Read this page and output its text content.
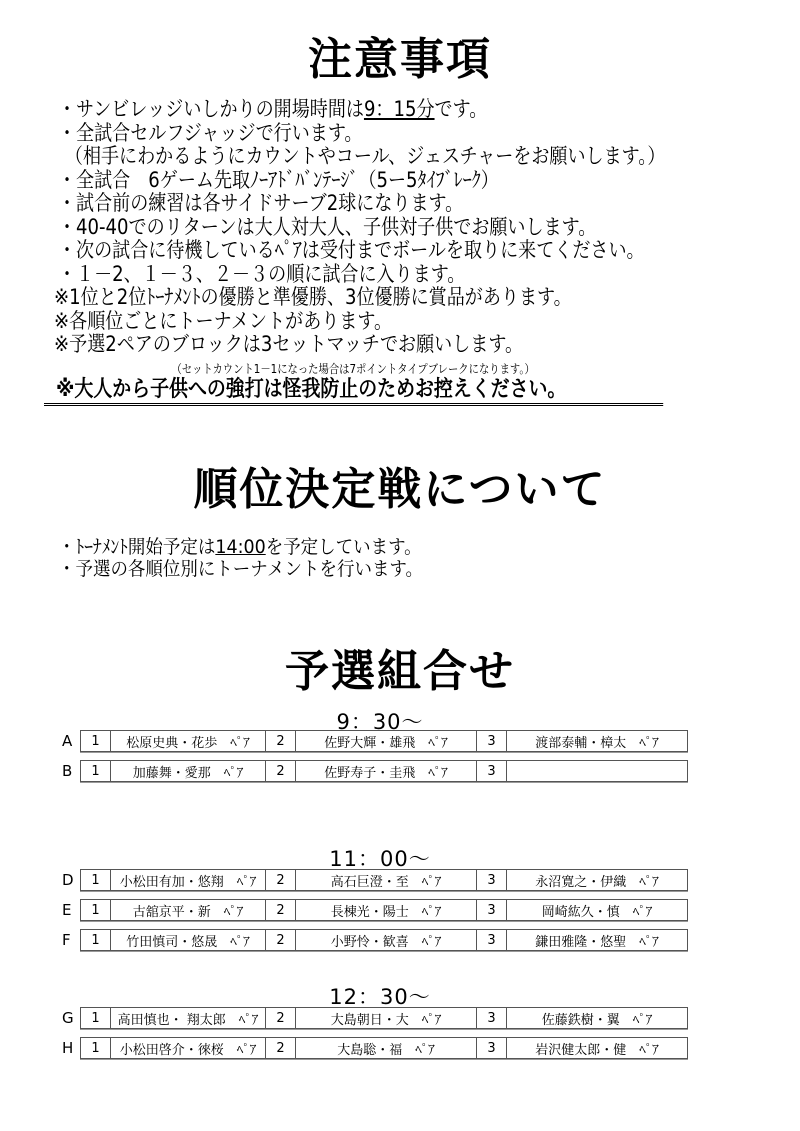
注意事項
・サンビレッジいしかりの開場時間は9：15分です。
・全試合セルフジャッジで行います。
（相手にわかるようにカウントやコール、ジェスチャーをお願いします。）
・全試合　6ゲーム先取ﾉｰｱﾄﾞﾊﾞﾝﾃｰｼﾞ（5ー5ﾀｲﾌﾞﾚｰｸ）
・試合前の練習は各サイドサーブ2球になります。
・40-40でのリターンは大人対大人、子供対子供でお願いします。
・次の試合に待機しているﾍﾟｱは受付までボールを取りに来てください。
・１－2、１－３、２－３の順に試合に入ります。
※1位と2位ﾄｰﾅﾒﾝﾄの優勝と準優勝、3位優勝に賞品があります。
※各順位ごとにトーナメントがあります。
※予選2ペアのブロックは3セットマッチでお願いします。
（セットカウント1－1になった場合は7ポイントタイプブレークになります。）
※大人から子供への強打は怪我防止のためお控えください。
順位決定戦について
・ﾄｰﾅﾒﾝﾄ開始予定は14:00を予定しています。
・予選の各順位別にトーナメントを行います。
予選組合せ
9：30～
A	1	松原史典・花歩　ﾍﾟｱ	2	佐野大輝・雄飛　ﾍﾟｱ	3	渡部泰輔・樟太　ﾍﾟｱ
B	1	加藤舞・愛那　ﾍﾟｱ	2	佐野寿子・圭飛　ﾍﾟｱ	3
11：00～
D	1	小松田有加・悠翔　ﾍﾟｱ	2	高石巨澄・至　ﾍﾟｱ	3	永沼寛之・伊織　ﾍﾟｱ
E	1	古舘京平・新　ﾍﾟｱ	2	長棟光・陽士　ﾍﾟｱ	3	岡崎紘久・慎　ﾍﾟｱ
F	1	竹田慎司・悠晟　ﾍﾟｱ	2	小野怜・歓喜　ﾍﾟｱ	3	鎌田雅隆・悠聖　ﾍﾟｱ
12：30～
G	1	高田慎也・ 翔太郎　ﾍﾟｱ	2	大島朝日・大　ﾍﾟｱ	3	佐藤鉄樹・翼　ﾍﾟｱ
H	1	小松田啓介・徠桜　ﾍﾟｱ	2	大島聡・福　ﾍﾟｱ	3	岩沢健太郎・健　ﾍﾟｱ
